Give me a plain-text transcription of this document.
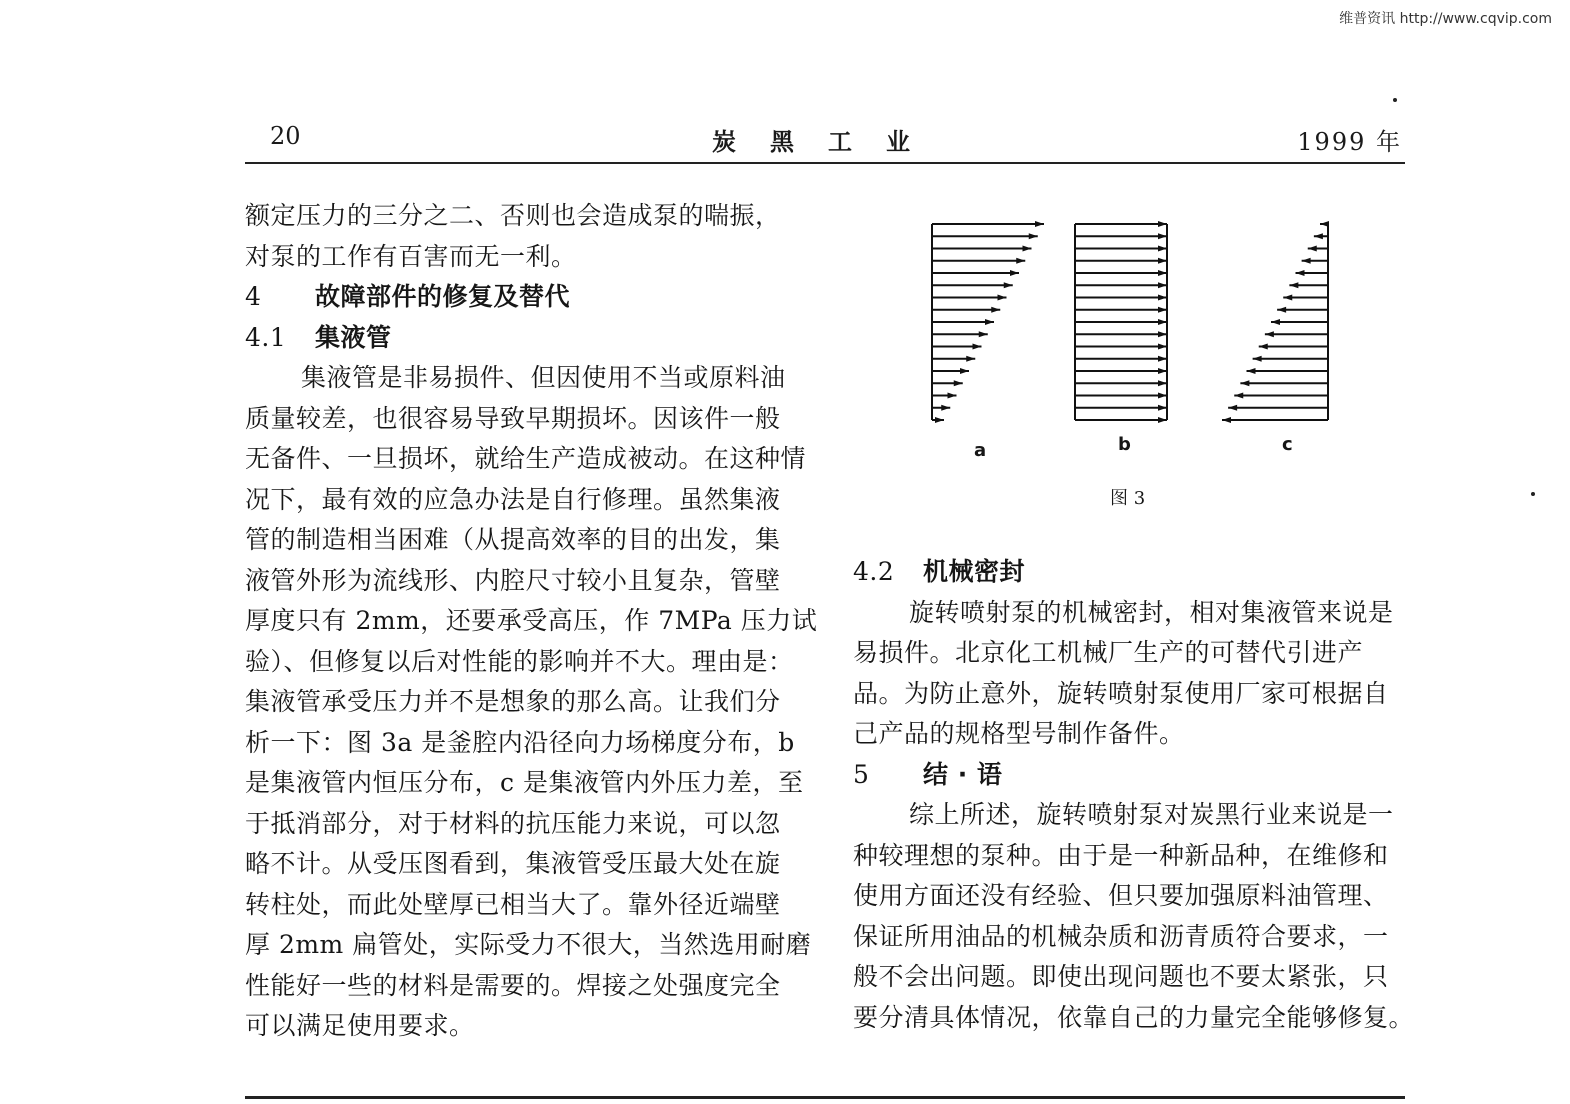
维普资讯 http://www.cqvip.com
20	炭黑工业	1999 年
额定压力的三分之二、否则也会造成泵的喘振，
对泵的工作有百害而无一利。
4 故障部件的修复及替代
4.1 集液管
集液管是非易损件、但因使用不当或原料油
质量较差，也很容易导致早期损坏。因该件一般
无备件、一旦损坏，就给生产造成被动。在这种情
况下，最有效的应急办法是自行修理。虽然集液
管的制造相当困难（从提高效率的目的出发，集
液管外形为流线形、内腔尺寸较小且复杂，管壁
厚度只有 2mm，还要承受高压，作 7MPa 压力试
验）、但修复以后对性能的影响并不大。理由是：
集液管承受压力并不是想象的那么高。让我们分
析一下：图 3a 是釜腔内沿径向力场梯度分布，b
是集液管内恒压分布，c 是集液管内外压力差，至
于抵消部分，对于材料的抗压能力来说，可以忽
略不计。从受压图看到，集液管受压最大处在旋
转柱处，而此处壁厚已相当大了。靠外径近端壁
厚 2mm 扁管处，实际受力不很大，当然选用耐磨
性能好一些的材料是需要的。焊接之处强度完全
可以满足使用要求。
a	b	c
图 3
4.2 机械密封
旋转喷射泵的机械密封，相对集液管来说是
易损件。北京化工机械厂生产的可替代引进产
品。为防止意外，旋转喷射泵使用厂家可根据自
己产品的规格型号制作备件。
5 结 · 语
综上所述，旋转喷射泵对炭黑行业来说是一
种较理想的泵种。由于是一种新品种，在维修和
使用方面还没有经验、但只要加强原料油管理、
保证所用油品的机械杂质和沥青质符合要求，一
般不会出问题。即使出现问题也不要太紧张，只
要分清具体情况，依靠自己的力量完全能够修复。
